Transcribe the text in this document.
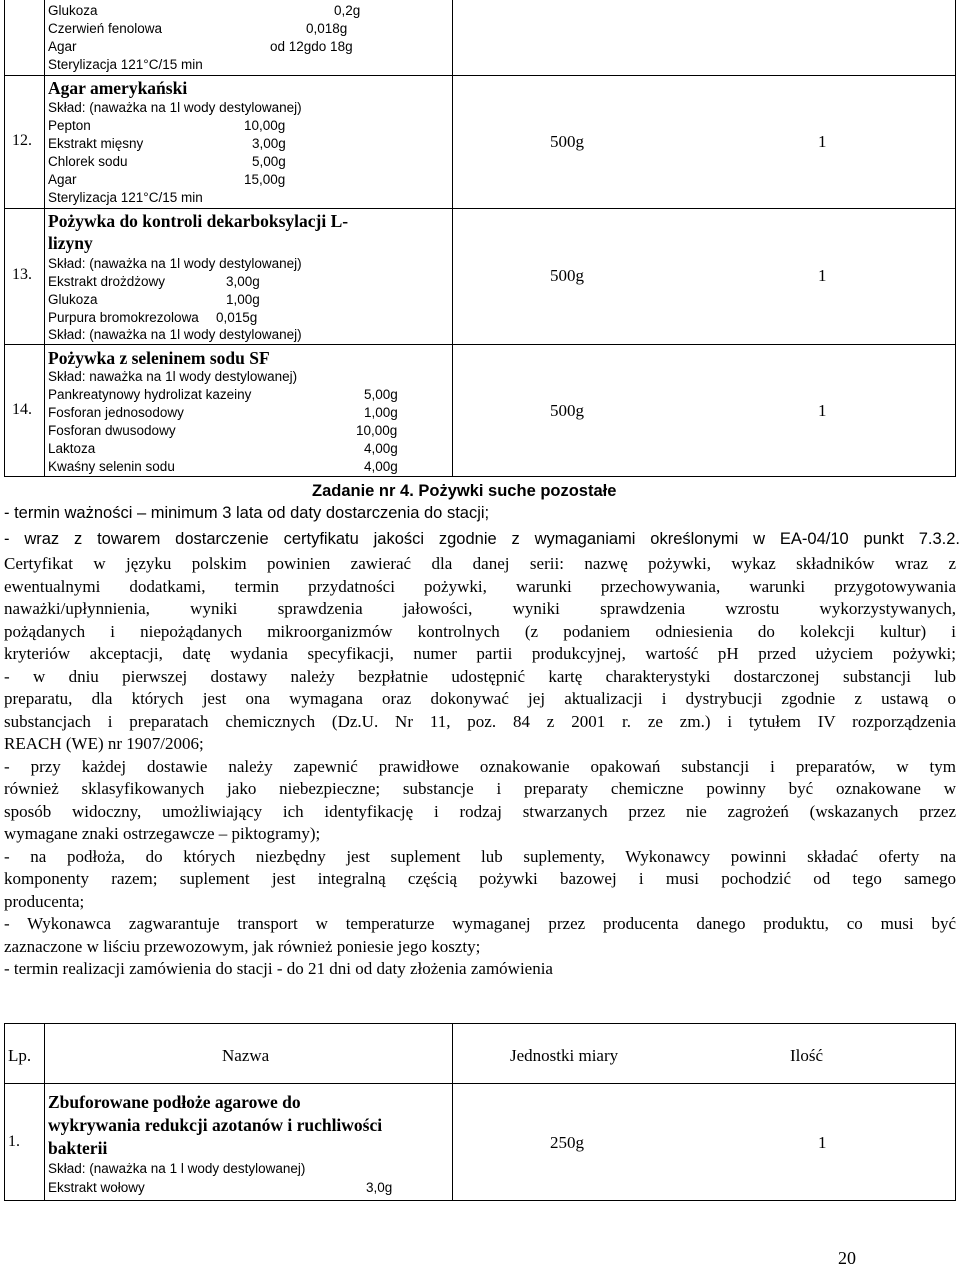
Glukoza	0,2g
Czerwień fenolowa	0,018g
Agar	od 12gdo 18g
Sterylizacja 121°C/15 min
12.
Agar amerykański
Skład: (naważka na 1l wody destylowanej)
Pepton	10,00g
Ekstrakt mięsny	3,00g
Chlorek sodu	5,00g
Agar	15,00g
Sterylizacja 121°C/15 min
500g	1
13.
Pożywka do kontroli dekarboksylacji L-
lizyny
Skład: (naważka na 1l wody destylowanej)
Ekstrakt drożdżowy	3,00g
Glukoza	1,00g
Purpura bromokrezolowa 0,015g
Skład: (naważka na 1l wody destylowanej)
500g	1
14.
Pożywka z seleninem sodu SF
Skład: naważka na 1l wody destylowanej)
Pankreatynowy hydrolizat kazeiny	5,00g
Fosforan jednosodowy	1,00g
Fosforan dwusodowy	10,00g
Laktoza	4,00g
Kwaśny selenin sodu	4,00g
500g	1
Zadanie nr 4. Pożywki suche pozostałe
- termin ważności – minimum 3 lata od daty dostarczenia do stacji;
- wraz z towarem dostarczenie certyfikatu jakości zgodnie z wymaganiami określonymi w EA-04/10 punkt 7.3.2.
Certyfikat w języku polskim powinien zawierać dla danej serii: nazwę pożywki, wykaz składników wraz z
ewentualnymi dodatkami, termin przydatności pożywki, warunki przechowywania, warunki przygotowywania
naważki/upłynnienia, wyniki sprawdzenia jałowości, wyniki sprawdzenia wzrostu wykorzystywanych,
pożądanych i niepożądanych mikroorganizmów kontrolnych (z podaniem odniesienia do kolekcji kultur) i
kryteriów akceptacji, datę wydania specyfikacji, numer partii produkcyjnej, wartość pH przed użyciem pożywki;
- w dniu pierwszej dostawy należy bezpłatnie udostępnić kartę charakterystyki dostarczonej substancji lub
preparatu, dla których jest ona wymagana oraz dokonywać jej aktualizacji i dystrybucji zgodnie z ustawą o
substancjach i preparatach chemicznych (Dz.U. Nr 11, poz. 84 z 2001 r. ze zm.) i tytułem IV rozporządzenia
REACH (WE) nr 1907/2006;
- przy każdej dostawie należy zapewnić prawidłowe oznakowanie opakowań substancji i preparatów, w tym
również sklasyfikowanych jako niebezpieczne; substancje i preparaty chemiczne powinny być oznakowane w
sposób widoczny, umożliwiający ich identyfikację i rodzaj stwarzanych przez nie zagrożeń (wskazanych przez
wymagane znaki ostrzegawcze – piktogramy);
- na podłoża, do których niezbędny jest suplement lub suplementy, Wykonawcy powinni składać oferty na
komponenty razem; suplement jest integralną częścią pożywki bazowej i musi pochodzić od tego samego
producenta;
- Wykonawca zagwarantuje transport w temperaturze wymaganej przez producenta danego produktu, co musi być
zaznaczone w liściu przewozowym, jak również poniesie jego koszty;
- termin realizacji zamówienia do stacji - do 21 dni od daty złożenia zamówienia
Lp.	Nazwa	Jednostki miary	Ilość
1.
Zbuforowane podłoże agarowe do
wykrywania redukcji azotanów i ruchliwości
bakterii
Skład: (naważka na 1 l wody destylowanej)
Ekstrakt wołowy	3,0g
250g	1
20
